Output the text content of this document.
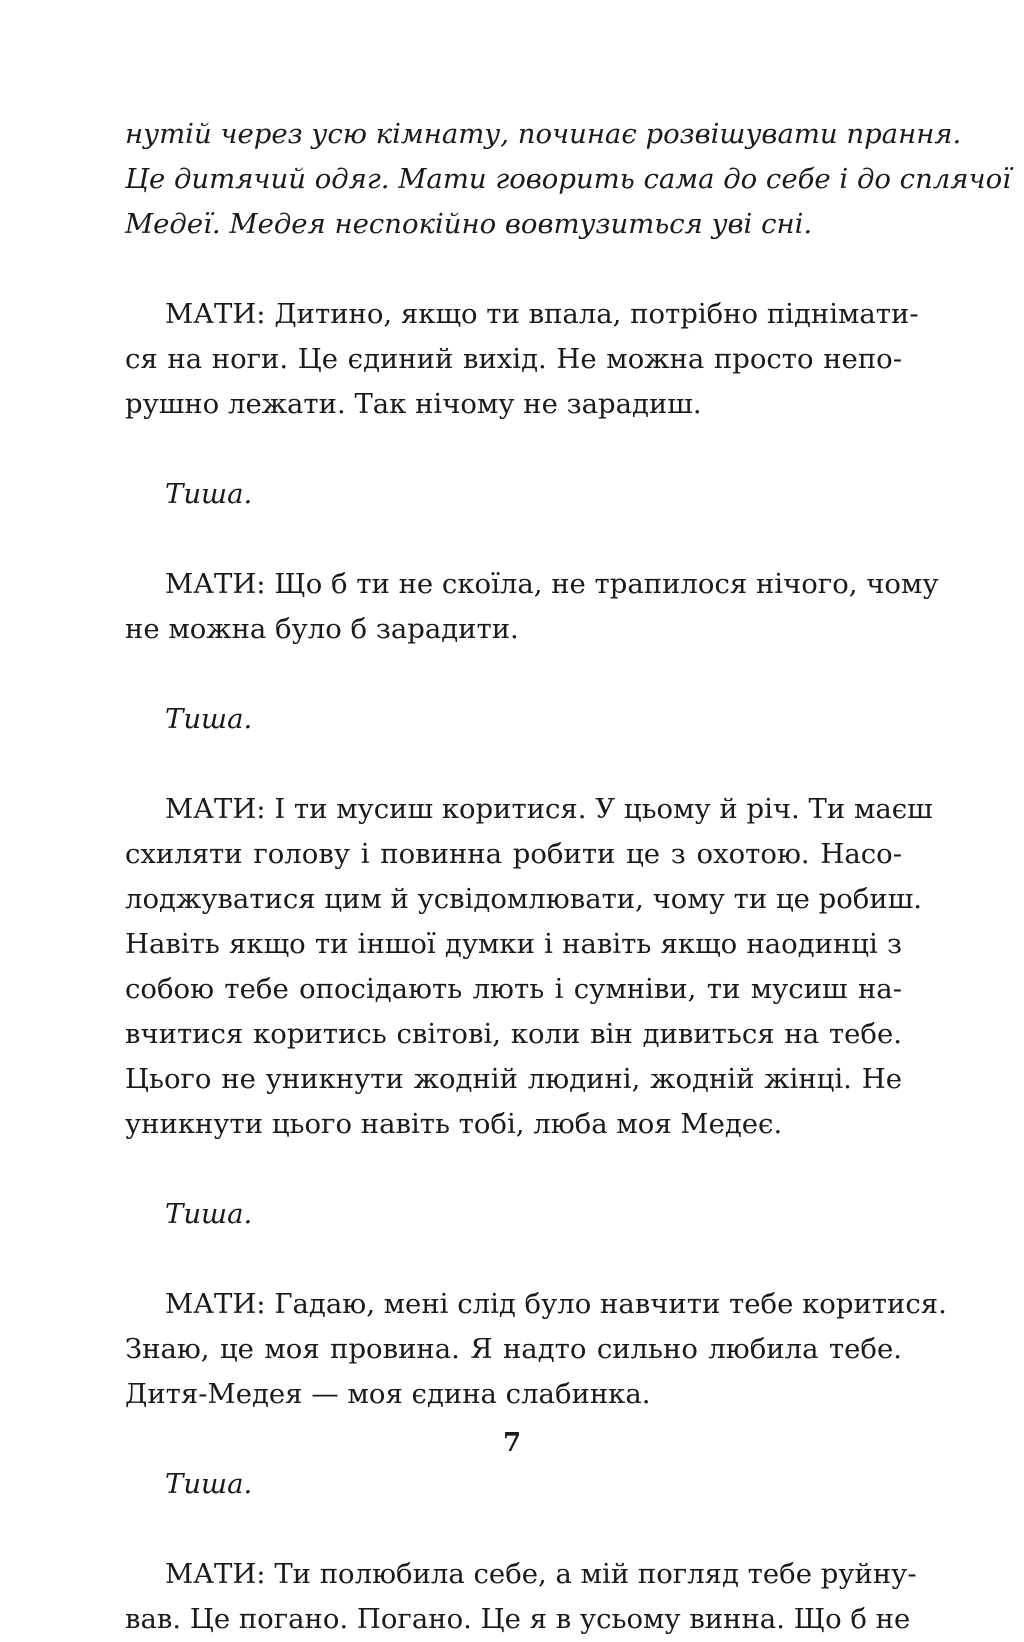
нутій через усю кімнату, починає розвішувати прання.
Це дитячий одяг. Мати говорить сама до себе і до сплячої
Медеї. Медея неспокійно вовтузиться уві сні.
МАТИ: Дитино, якщо ти впала, потрібно піднімати-
ся на ноги. Це єдиний вихід. Не можна просто непо-
рушно лежати. Так нічому не зарадиш.
Тиша.
МАТИ: Що б ти не скоїла, не трапилося нічого, чому
не можна було б зарадити.
Тиша.
МАТИ: І ти мусиш коритися. У цьому й річ. Ти маєш
схиляти голову і повинна робити це з охотою. Насо-
лоджуватися цим й усвідомлювати, чому ти це робиш.
Навіть якщо ти іншої думки і навіть якщо наодинці з
собою тебе опосідають лють і сумніви, ти мусиш на-
вчитися коритись світові, коли він дивиться на тебе.
Цього не уникнути жодній людині, жодній жінці. Не
уникнути цього навіть тобі, люба моя Медеє.
Тиша.
МАТИ: Гадаю, мені слід було навчити тебе коритися.
Знаю, це моя провина. Я надто сильно любила тебе.
Дитя-Медея — моя єдина слабинка.
Тиша.
МАТИ: Ти полюбила себе, а мій погляд тебе руйну-
вав. Це погано. Погано. Це я в усьому винна. Що б не
7
